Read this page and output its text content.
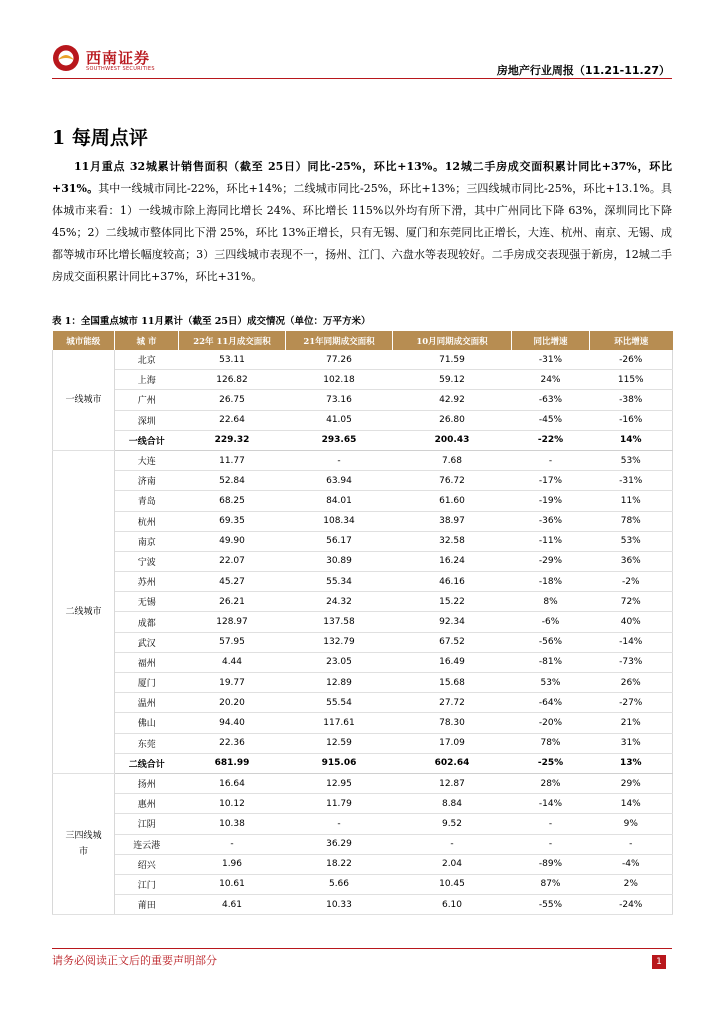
西南证券
SOUTHWEST SECURITIES	房地产行业周报（11.21-11.27）
1 每周点评
11月重点 32城累计销售面积（截至 25日）同比-25%，环比+13%。12城二手房成交面积累计同比+37%，环比+31%。其中一线城市同比-22%，环比+14%；二线城市同比-25%，环比+13%；三四线城市同比-25%，环比+13.1%。具体城市来看：1）一线城市除上海同比增长 24%、环比增长 115%以外均有所下滑，其中广州同比下降 63%，深圳同比下降 45%；2）二线城市整体同比下滑 25%，环比 13%正增长，只有无锡、厦门和东莞同比正增长，大连、杭州、南京、无锡、成都等城市环比增长幅度较高；3）三四线城市表现不一，扬州、江门、六盘水等表现较好。二手房成交表现强于新房，12城二手房成交面积累计同比+37%，环比+31%。
表 1：全国重点城市 11月累计（截至 25日）成交情况（单位：万平方米）
城市能级	城 市	22年 11月成交面积	21年同期成交面积	10月同期成交面积	同比增速	环比增速
一线城市	北京	53.11	77.26	71.59	-31%	-26%
	上海	126.82	102.18	59.12	24%	115%
	广州	26.75	73.16	42.92	-63%	-38%
	深圳	22.64	41.05	26.80	-45%	-16%
	一线合计	229.32	293.65	200.43	-22%	14%
二线城市	大连	11.77	-	7.68	-	53%
	济南	52.84	63.94	76.72	-17%	-31%
	青岛	68.25	84.01	61.60	-19%	11%
	杭州	69.35	108.34	38.97	-36%	78%
	南京	49.90	56.17	32.58	-11%	53%
	宁波	22.07	30.89	16.24	-29%	36%
	苏州	45.27	55.34	46.16	-18%	-2%
	无锡	26.21	24.32	15.22	8%	72%
	成都	128.97	137.58	92.34	-6%	40%
	武汉	57.95	132.79	67.52	-56%	-14%
	福州	4.44	23.05	16.49	-81%	-73%
	厦门	19.77	12.89	15.68	53%	26%
	温州	20.20	55.54	27.72	-64%	-27%
	佛山	94.40	117.61	78.30	-20%	21%
	东莞	22.36	12.59	17.09	78%	31%
	二线合计	681.99	915.06	602.64	-25%	13%
三四线城市	扬州	16.64	12.95	12.87	28%	29%
	惠州	10.12	11.79	8.84	-14%	14%
	江阴	10.38	-	9.52	-	9%
	连云港	-	36.29	-	-	-
	绍兴	1.96	18.22	2.04	-89%	-4%
	江门	10.61	5.66	10.45	87%	2%
	莆田	4.61	10.33	6.10	-55%	-24%
请务必阅读正文后的重要声明部分	1
